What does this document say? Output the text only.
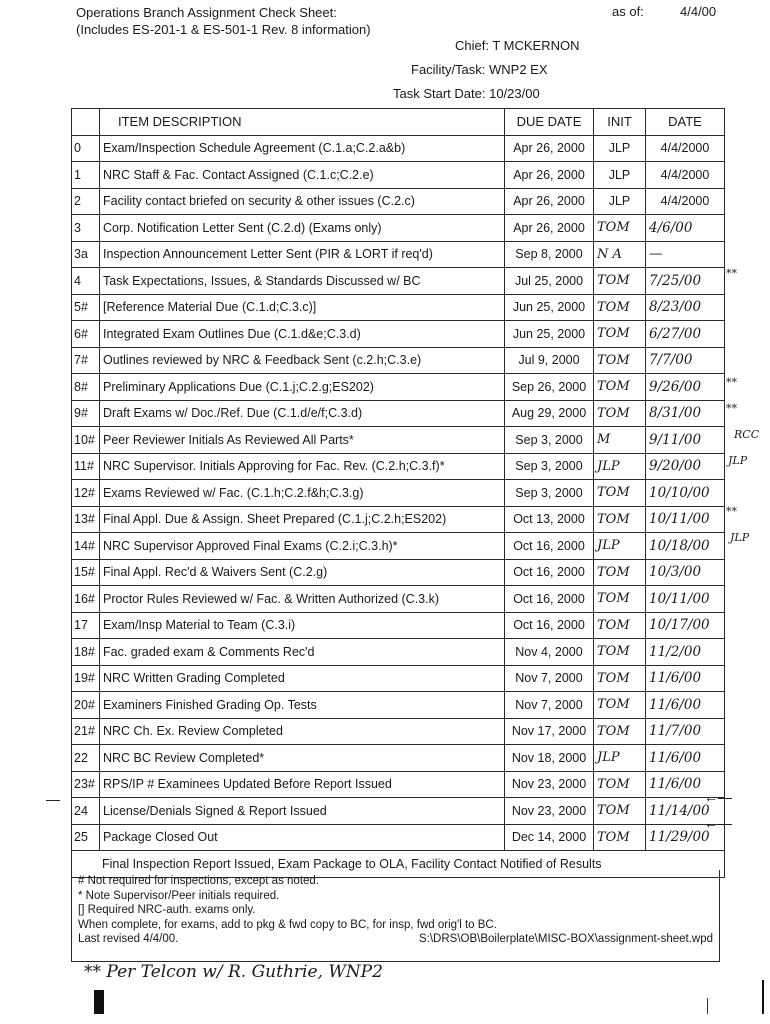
Operations Branch Assignment Check Sheet:
(Includes ES-201-1 & ES-501-1 Rev. 8 information)
as of:	4/4/00
Chief: T MCKERNON
Facility/Task: WNP2 EX
Task Start Date: 10/23/00
	ITEM DESCRIPTION	DUE DATE	INIT	DATE
0	Exam/Inspection Schedule Agreement (C.1.a;C.2.a&b)	Apr 26, 2000	JLP	4/4/2000
1	NRC Staff & Fac. Contact Assigned (C.1.c;C.2.e)	Apr 26, 2000	JLP	4/4/2000
2	Facility contact briefed on security & other issues (C.2.c)	Apr 26, 2000	JLP	4/4/2000
3	Corp. Notification Letter Sent (C.2.d) (Exams only)	Apr 26, 2000	TOM	4/6/00
3a	Inspection Announcement Letter Sent (PIR & LORT if req'd)	Sep 8, 2000	N A	—
4	Task Expectations, Issues, & Standards Discussed w/ BC	Jul 25, 2000	TOM	7/25/00
5#	[Reference Material Due (C.1.d;C.3.c)]	Jun 25, 2000	TOM	8/23/00
6#	Integrated Exam Outlines Due (C.1.d&e;C.3.d)	Jun 25, 2000	TOM	6/27/00
7#	Outlines reviewed by NRC & Feedback Sent (c.2.h;C.3.e)	Jul 9, 2000	TOM	7/7/00
8#	Preliminary Applications Due (C.1.j;C.2.g;ES202)	Sep 26, 2000	TOM	9/26/00
9#	Draft Exams w/ Doc./Ref. Due (C.1.d/e/f;C.3.d)	Aug 29, 2000	TOM	8/31/00
10#	Peer Reviewer Initials As Reviewed All Parts*	Sep 3, 2000	M	9/11/00
11#	NRC Supervisor. Initials Approving for Fac. Rev. (C.2.h;C.3.f)*	Sep 3, 2000	JLP	9/20/00
12#	Exams Reviewed w/ Fac. (C.1.h;C.2.f&h;C.3.g)	Sep 3, 2000	TOM	10/10/00
13#	Final Appl. Due & Assign. Sheet Prepared (C.1.j;C.2.h;ES202)	Oct 13, 2000	TOM	10/11/00
14#	NRC Supervisor Approved Final Exams (C.2.i;C.3.h)*	Oct 16, 2000	JLP	10/18/00
15#	Final Appl. Rec'd & Waivers Sent (C.2.g)	Oct 16, 2000	TOM	10/3/00
16#	Proctor Rules Reviewed w/ Fac. & Written Authorized (C.3.k)	Oct 16, 2000	TOM	10/11/00
17	Exam/Insp Material to Team (C.3.i)	Oct 16, 2000	TOM	10/17/00
18#	Fac. graded exam & Comments Rec'd	Nov 4, 2000	TOM	11/2/00
19#	NRC Written Grading Completed	Nov 7, 2000	TOM	11/6/00
20#	Examiners Finished Grading Op. Tests	Nov 7, 2000	TOM	11/6/00
21#	NRC Ch. Ex. Review Completed	Nov 17, 2000	TOM	11/7/00
22	NRC BC Review Completed*	Nov 18, 2000	JLP	11/6/00
23#	RPS/IP # Examinees Updated Before Report Issued	Nov 23, 2000	TOM	11/6/00
24	License/Denials Signed & Report Issued	Nov 23, 2000	TOM	11/14/00
25	Package Closed Out	Dec 14, 2000	TOM	11/29/00
Final Inspection Report Issued, Exam Package to OLA, Facility Contact Notified of Results				
# Not required for inspections, except as noted.
* Note Supervisor/Peer initials required.
[] Required NRC-auth. exams only.
When complete, for exams, add to pkg & fwd copy to BC, for insp, fwd orig'l to BC.
Last revised 4/4/00.	S:\DRS\OB\Boilerplate\MISC-BOX\assignment-sheet.wpd
**
**
**
RCC
JLP
**
JLP
←—
←—
—
** Per Telcon w/ R. Guthrie, WNP2
